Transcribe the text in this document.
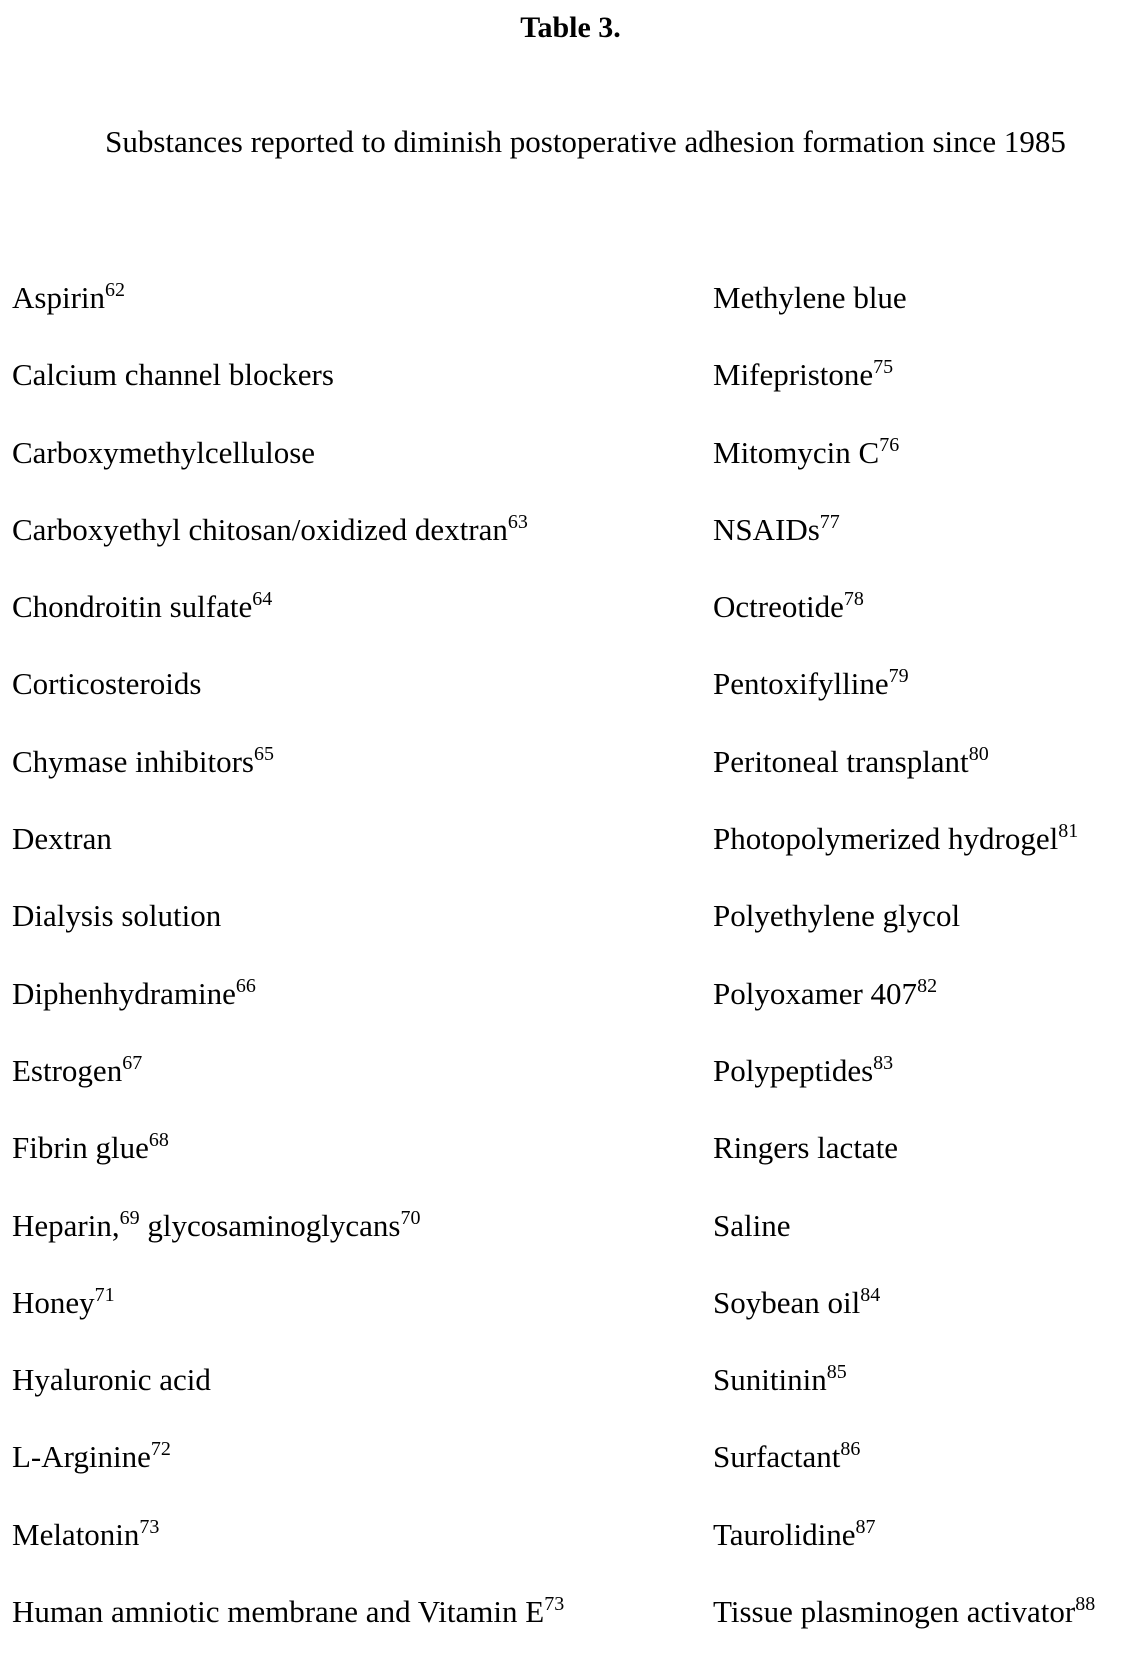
Table 3.
Substances reported to diminish postoperative adhesion formation since 1985
Aspirin$^{62}$
Calcium channel blockers
Carboxymethylcellulose
Carboxyethyl chitosan/oxidized dextran$^{63}$
Chondroitin sulfate$^{64}$
Corticosteroids
Chymase inhibitors$^{65}$
Dextran
Dialysis solution
Diphenhydramine$^{66}$
Estrogen$^{67}$
Fibrin glue$^{68}$
Heparin,$^{69}$ glycosaminoglycans$^{70}$
Honey$^{71}$
Hyaluronic acid
L-Arginine$^{72}$
Melatonin$^{73}$
Human amniotic membrane and Vitamin $E^{73}$
Methylene blue
Mifepristone$^{75}$
Mitomycin $C^{76}$
NSAIDs$^{77}$
Octreotide$^{78}$
Pentoxifylline$^{79}$
Peritoneal transplant$^{80}$
Photopolymerized hydrogel$^{81}$
Polyethylene glycol
Polyoxamer $407^{82}$
Polypeptides$^{83}$
Ringers lactate
Saline
Soybean oil$^{84}$
Sunitinin$^{85}$
Surfactant$^{86}$
Taurolidine$^{87}$
Tissue plasminogen activator$^{88}$
